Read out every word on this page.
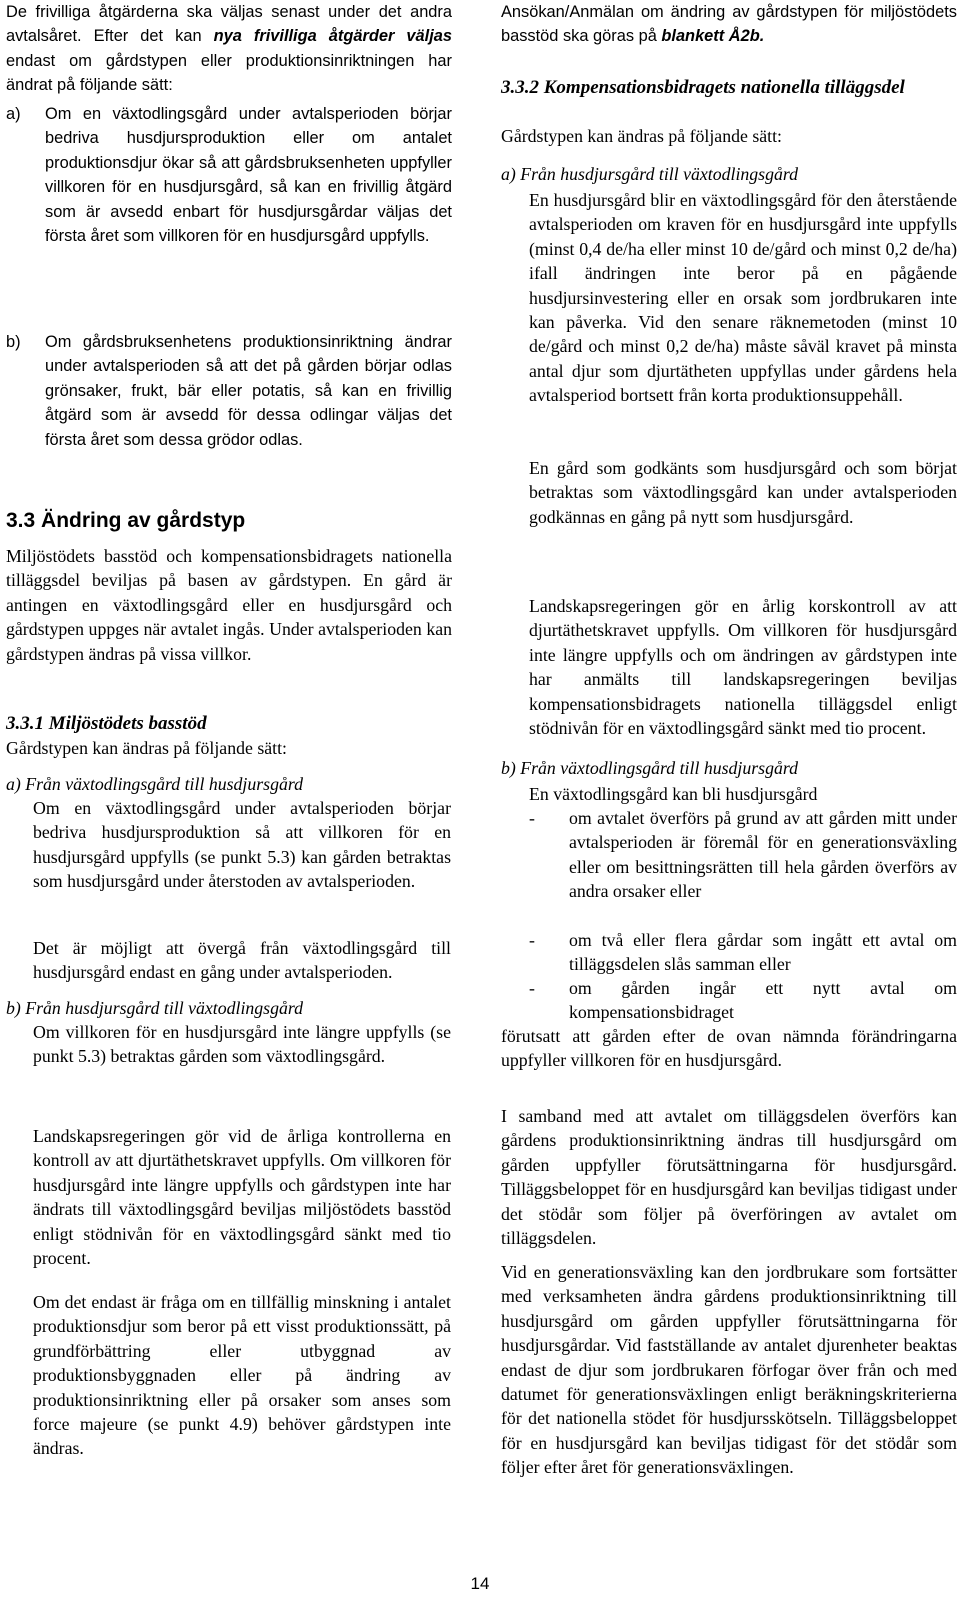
De frivilliga åtgärderna ska väljas senast under det andra avtalsåret. Efter det kan nya frivilliga åtgärder väljas endast om gårdstypen eller produktionsinriktningen har ändrat på följande sätt:

a) Om en växtodlingsgård under avtalsperioden börjar bedriva husdjursproduktion eller om antalet produktionsdjur ökar så att gårdsbruksenheten uppfyller villkoren för en husdjursgård, så kan en frivillig åtgärd som är avsedd enbart för husdjursgårdar väljas det första året som villkoren för en husdjursgård uppfylls.
b) Om gårdsbruksenhetens produktionsinriktning ändrar under avtalsperioden så att det på gården börjar odlas grönsaker, frukt, bär eller potatis, så kan en frivillig åtgärd som är avsedd för dessa odlingar väljas det första året som dessa grödor odlas.
3.3 Ändring av gårdstyp

Miljöstödets basstöd och kompensationsbidragets nationella tilläggsdel beviljas på basen av gårdstypen. En gård är antingen en växtodlingsgård eller en husdjursgård och gårdstypen uppges när avtalet ingås. Under avtalsperioden kan gårdstypen ändras på vissa villkor.

3.3.1 Miljöstödets basstöd

Gårdstypen kan ändras på följande sätt:

a) Från växtodlingsgård till husdjursgård

Om en växtodlingsgård under avtalsperioden börjar bedriva husdjursproduktion så att villkoren för en husdjursgård uppfylls (se punkt 5.3) kan gården betraktas som husdjursgård under återstoden av avtalsperioden.

Det är möjligt att övergå från växtodlingsgård till husdjursgård endast en gång under avtalsperioden.

b) Från husdjursgård till växtodlingsgård

Om villkoren för en husdjursgård inte längre uppfylls (se punkt 5.3) betraktas gården som växtodlingsgård.

Landskapsregeringen gör vid de årliga kontrollerna en kontroll av att djurtäthetskravet uppfylls. Om villkoren för husdjursgård inte längre uppfylls och gårdstypen inte har ändrats till växtodlingsgård beviljas miljöstödets basstöd enligt stödnivån för en växtodlingsgård sänkt med tio procent.

Om det endast är fråga om en tillfällig minskning i antalet produktionsdjur som beror på ett visst produktionssätt, på grundförbättring eller utbyggnad av produktionsbyggnaden eller på ändring av produktionsinriktning eller på orsaker som anses som force majeure (se punkt 4.9) behöver gårdstypen inte ändras.

Ansökan/Anmälan om ändring av gårdstypen för miljöstödets basstöd ska göras på blankett Å2b.

3.3.2 Kompensationsbidragets nationella tilläggsdel

Gårdstypen kan ändras på följande sätt:

a) Från husdjursgård till växtodlingsgård

En husdjursgård blir en växtodlingsgård för den återstående avtalsperioden om kraven för en husdjursgård inte uppfylls (minst 0,4 de/ha eller minst 10 de/gård och minst 0,2 de/ha) ifall ändringen inte beror på en pågående husdjursinvestering eller en orsak som jordbrukaren inte kan påverka. Vid den senare räknemetoden (minst 10 de/gård och minst 0,2 de/ha) måste såväl kravet på minsta antal djur som djurtätheten uppfyllas under gårdens hela avtalsperiod bortsett från korta produktionsuppehåll.

En gård som godkänts som husdjursgård och som börjat betraktas som växtodlingsgård kan under avtalsperioden godkännas en gång på nytt som husdjursgård.

Landskapsregeringen gör en årlig korskontroll av att djurtäthetskravet uppfylls. Om villkoren för husdjursgård inte längre uppfylls och om ändringen av gårdstypen inte har anmälts till landskapsregeringen beviljas kompensationsbidragets nationella tilläggsdel enligt stödnivån för en växtodlingsgård sänkt med tio procent.

b) Från växtodlingsgård till husdjursgård

En växtodlingsgård kan bli husdjursgård

- om avtalet överförs på grund av att gården mitt under avtalsperioden är föremål för en generationsväxling eller om besittningsrätten till hela gården överförs av andra orsaker eller
- om två eller flera gårdar som ingått ett avtal om tilläggsdelen slås samman eller
- om gården ingår ett nytt avtal om kompensationsbidraget

förutsatt att gården efter de ovan nämnda förändringarna uppfyller villkoren för en husdjursgård.

I samband med att avtalet om tilläggsdelen överförs kan gårdens produktionsinriktning ändras till husdjursgård om gården uppfyller förutsättningarna för husdjursgård. Tilläggsbeloppet för en husdjursgård kan beviljas tidigast under det stödår som följer på överföringen av avtalet om tilläggsdelen.

Vid en generationsväxling kan den jordbrukare som fortsätter med verksamheten ändra gårdens produktionsinriktning till husdjursgård om gården uppfyller förutsättningarna för husdjursgårdar. Vid fastställande av antalet djurenheter beaktas endast de djur som jordbrukaren förfogar över från och med datumet för generationsväxlingen enligt beräkningskriterierna för det nationella stödet för husdjursskötseln. Tilläggsbeloppet för en husdjursgård kan beviljas tidigast för det stödår som följer efter året för generationsväxlingen.

14
